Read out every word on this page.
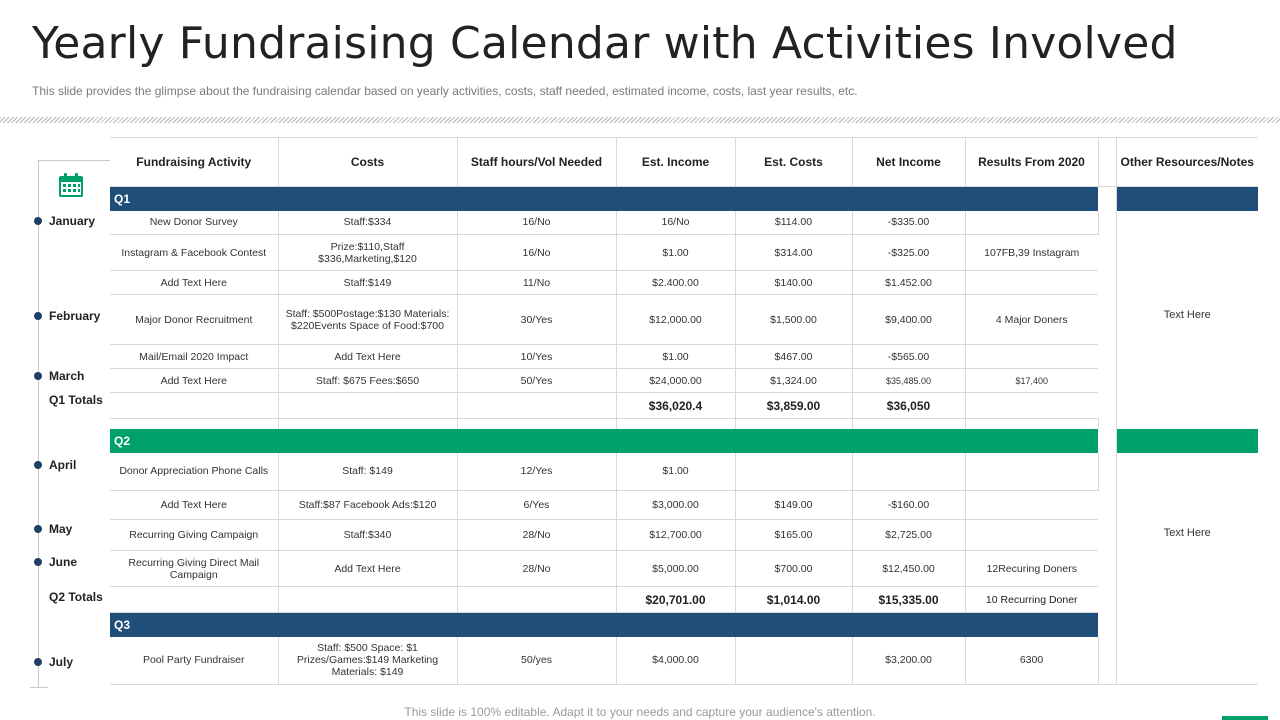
Yearly Fundraising Calendar with Activities Involved
This slide provides the glimpse about the fundraising calendar based on yearly activities, costs, staff needed, estimated income, costs, last year results, etc.
January
February
March
Q1 Totals
April
May
June
Q2 Totals
July
Fundraising Activity	Costs	Staff hours/Vol Needed	Est. Income	Est. Costs	Net Income	Results From 2020		Other Resources/Notes
Q1								
New Donor Survey	Staff:$334	16/No	16/No	$114.00	-$335.00			Text Here
Instagram & Facebook Contest	Prize:$110,Staff $336,Marketing,$120	16/No	$1.00	$314.00	-$325.00	107FB,39 Instagram		
Add Text Here	Staff:$149	11/No	$2.400.00	$140.00	$1.452.00			
Major Donor Recruitment	Staff: $500Postage:$130 Materials: $220Events Space of Food:$700	30/Yes	$12,000.00	$1,500.00	$9,400.00	4 Major Doners		
Mail/Email 2020 Impact	Add Text Here	10/Yes	$1.00	$467.00	-$565.00			
Add Text Here	Staff: $675 Fees:$650	50/Yes	$24,000.00	$1,324.00	$35,485.00	$17,400		
			$36,020.4	$3,859.00	$36,050			

Q2								
Donor Appreciation Phone Calls	Staff: $149	12/Yes	$1.00					Text Here
Add Text Here	Staff:$87 Facebook Ads:$120	6/Yes	$3,000.00	$149.00	-$160.00			
Recurring Giving Campaign	Staff:$340	28/No	$12,700.00	$165.00	$2,725.00			
Recurring Giving Direct Mail Campaign	Add Text Here	28/No	$5,000.00	$700.00	$12,450.00	12Recuring Doners		
			$20,701.00	$1,014.00	$15,335.00	10 Recurring Doner		
Q3								
Pool Party Fundraiser	Staff: $500 Space: $1 Prizes/Games:$149 Marketing Materials: $149	50/yes	$4,000.00		$3,200.00	6300		
This slide is 100% editable. Adapt it to your needs and capture your audience's attention.
